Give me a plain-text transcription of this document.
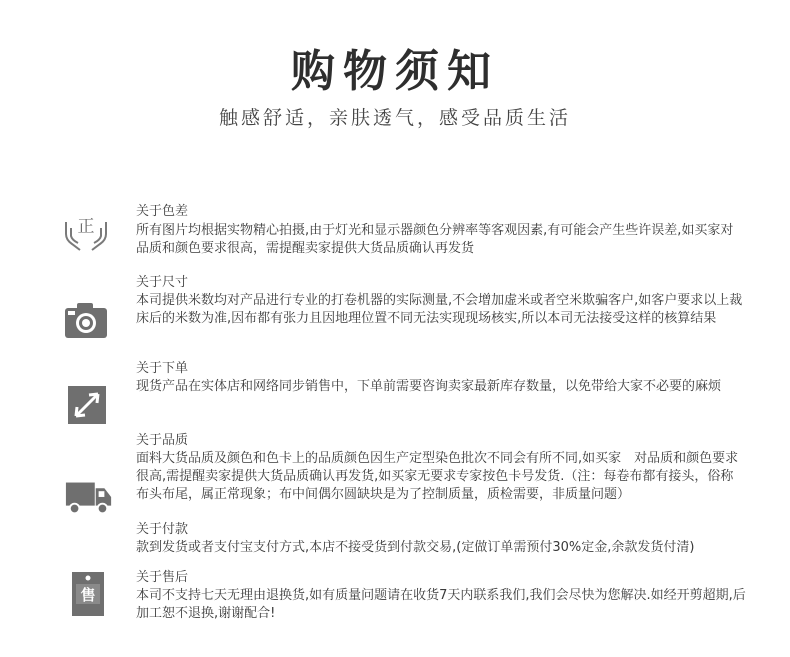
购物须知
触感舒适，亲肤透气，感受品质生活
正
关于色差
所有图片均根据实物精心拍摄,由于灯光和显示器颜色分辨率等客观因素,有可能会产生些许误差,如买家对品质和颜色要求很高，需提醒卖家提供大货品质确认再发货
关于尺寸
本司提供米数均对产品进行专业的打卷机器的实际测量,不会增加虚米或者空米欺骗客户,如客户要求以上裁床后的米数为准,因布都有张力且因地理位置不同无法实现现场核实,所以本司无法接受这样的核算结果
关于下单
现货产品在实体店和网络同步销售中，下单前需要咨询卖家最新库存数量，以免带给大家不必要的麻烦
关于品质
面料大货品质及颜色和色卡上的品质颜色因生产定型染色批次不同会有所不同,如买家　对品质和颜色要求很高,需提醒卖家提供大货品质确认再发货,如买家无要求专家按色卡号发货.（注：每卷布都有接头，俗称布头布尾，属正常现象；布中间偶尔圆缺块是为了控制质量，质检需要，非质量问题）
关于付款
款到发货或者支付宝支付方式,本店不接受货到付款交易,(定做订单需预付30%定金,余款发货付清)
售
关于售后
本司不支持七天无理由退换货,如有质量问题请在收货7天内联系我们,我们会尽快为您解决.如经开剪超期,后加工恕不退换,谢谢配合!
